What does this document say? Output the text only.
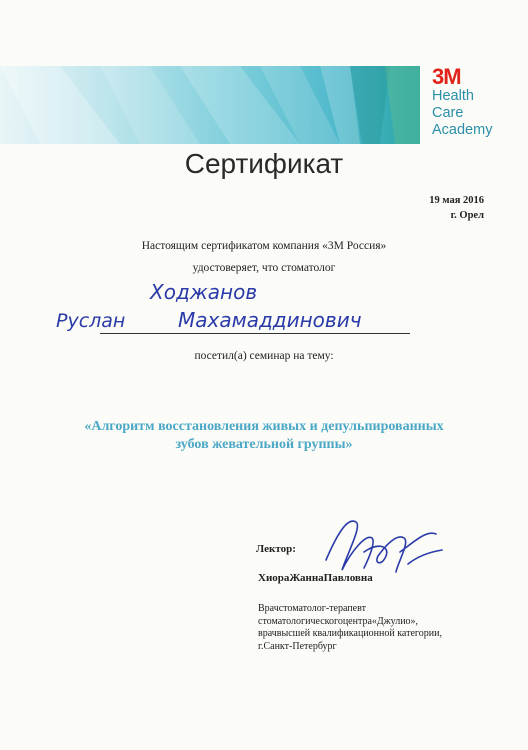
3M
Health
Care
Academy
Сертификат
19 мая 2016
г. Орел
Настоящим сертификатом компания «3М Россия»
удостоверяет, что стоматолог
Ходжанов
Руслан	Махамаддинович
посетил(а) семинар на тему:
«Алгоритм восстановления живых и депульпированных
зубов жевательной группы»
Лектор:
ХиораЖаннаПавловна
Врачстоматолог-терапевт
стоматологическогоцентра«Джулио»,
врачвысшей квалификационной категории,
г.Санкт-Петербург
